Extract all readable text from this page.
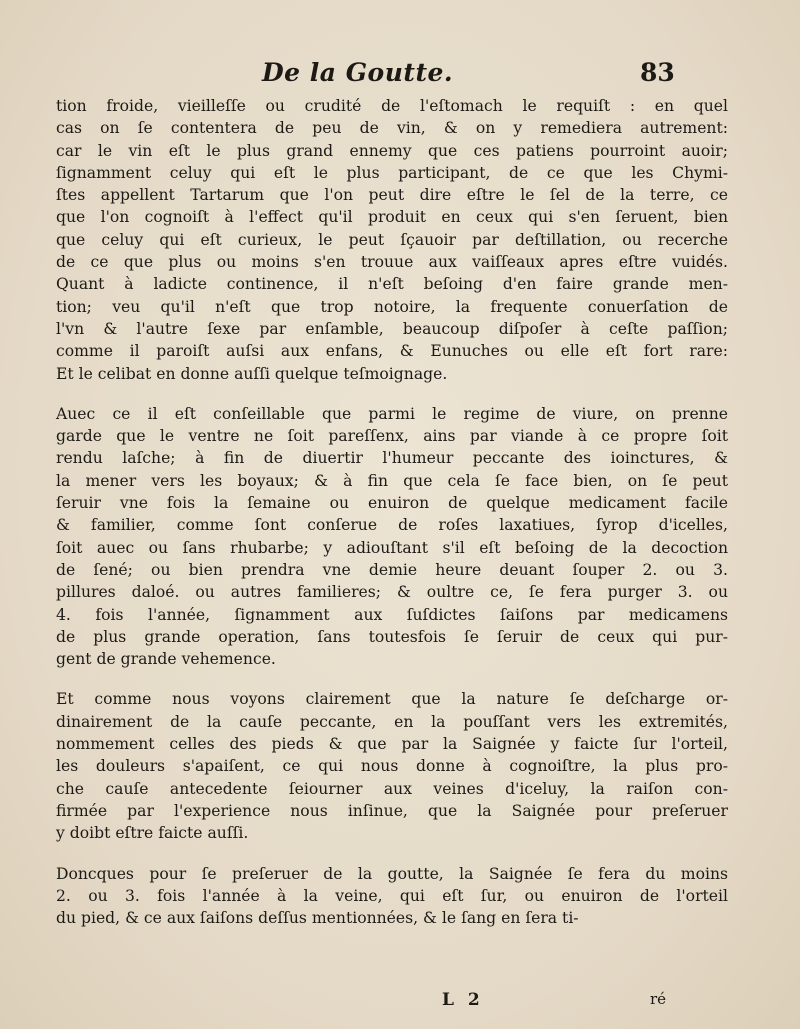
De la Goutte.	83
tion froide, vieilleſſe ou crudité de l'eſtomach le requiſt : en quel
cas on ſe contentera de peu de vin, & on y remediera autrement:
car le vin eſt le plus grand ennemy que ces patiens pourroint auoir;
ſignamment celuy qui eſt le plus participant, de ce que les Chymi-
ſtes appellent Tartarum que l'on peut dire eſtre le ſel de la terre, ce
que l'on cognoiſt à l'effect qu'il produit en ceux qui s'en ſeruent, bien
que celuy qui eſt curieux, le peut ſçauoir par deſtillation, ou recerche
de ce que plus ou moins s'en trouue aux vaiſſeaux apres eſtre vuidés.
Quant à ladicte continence, il n'eſt beſoing d'en faire grande men-
tion; veu qu'il n'eſt que trop notoire, la frequente conuerſation de
l'vn & l'autre ſexe par enſamble, beaucoup diſpoſer à ceſte paſſion;
comme il paroiſt auſsi aux enfans, & Eunuches ou elle eſt fort rare:
Et le celibat en donne auſſi quelque teſmoignage.
Auec ce il eſt conſeillable que parmi le regime de viure, on prenne
garde que le ventre ne ſoit pareſſenx, ains par viande à ce propre ſoit
rendu laſche; à fin de diuertir l'humeur peccante des ioinctures, &
la mener vers les boyaux; & à fin que cela ſe face bien, on ſe peut
ſeruir vne fois la ſemaine ou enuiron de quelque medicament facile
& familier, comme ſont conſerue de roſes laxatiues, ſyrop d'icelles,
ſoit auec ou ſans rhubarbe; y adiouſtant s'il eſt beſoing de la decoction
de ſené; ou bien prendra vne demie heure deuant ſouper 2. ou 3.
pillures daloé. ou autres familieres; & oultre ce, ſe fera purger 3. ou
4. fois l'année, ſignamment aux ſuſdictes ſaiſons par medicamens
de plus grande operation, ſans toutesfois ſe ſeruir de ceux qui pur-
gent de grande vehemence.
Et comme nous voyons clairement que la nature ſe deſcharge or-
dinairement de la cauſe peccante, en la pouſſant vers les extremités,
nommement celles des pieds & que par la Saignée y faicte ſur l'orteil,
les douleurs s'apaiſent, ce qui nous donne à cognoiſtre, la plus pro-
che cauſe antecedente ſeiourner aux veines d'iceluy, la raiſon con-
firmée par l'experience nous inſinue, que la Saignée pour preſeruer
y doibt eſtre faicte auſſi.
Doncques pour ſe preſeruer de la goutte, la Saignée ſe fera du moins
2. ou 3. fois l'année à la veine, qui eſt ſur, ou enuiron de l'orteil
du pied, & ce aux ſaiſons deſſus mentionnées, & le ſang en ſera ti-
L 2	ré
